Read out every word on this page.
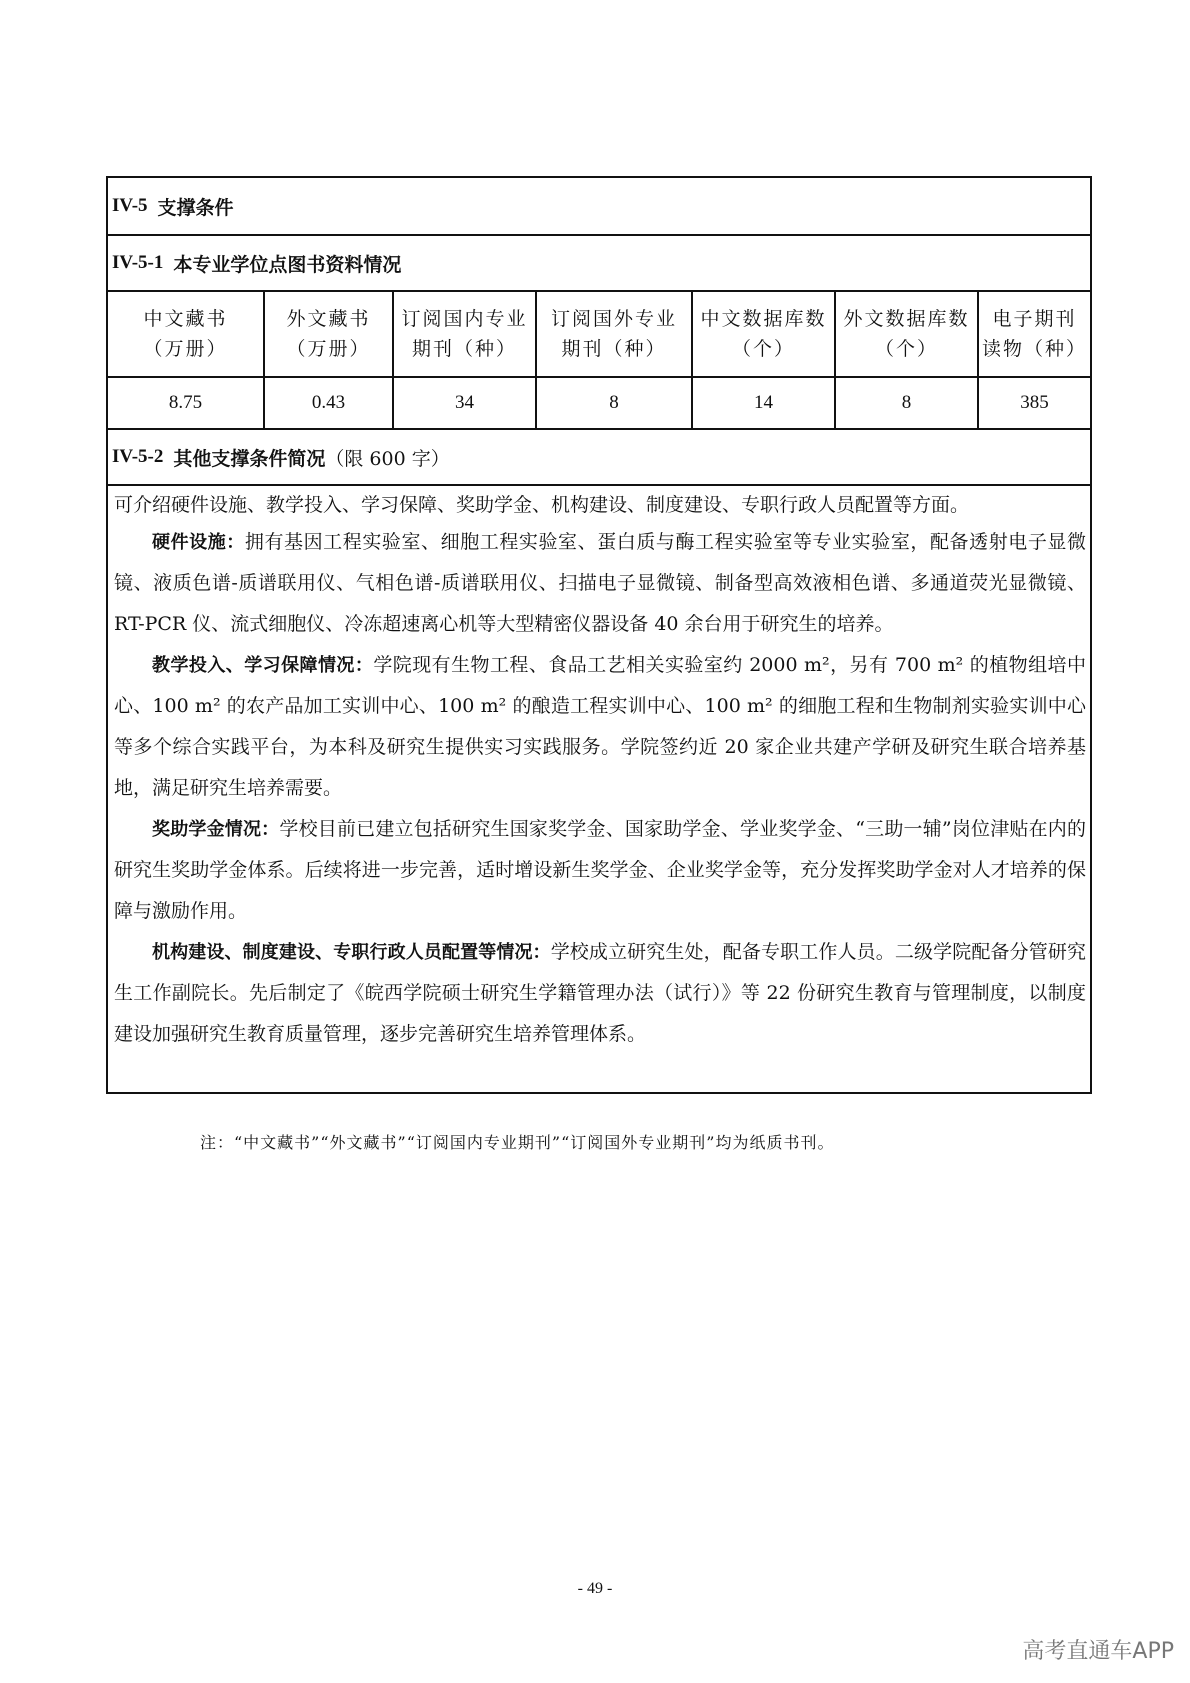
IV-5 支撑条件
IV-5-1 本专业学位点图书资料情况
中文藏书
（万册）
8.75
外文藏书
（万册）
0.43
订阅国内专业
期刊（种）
34
订阅国外专业
期刊（种）
8
中文数据库数
（个）
14
外文数据库数
（个）
8
电子期刊
读物（种）
385
IV-5-2 其他支撑条件简况 （限 600 字）

可介绍硬件设施、教学投入、学习保障、奖助学金、机构建设、制度建设、专职行政人员配置等方面。

硬件设施：拥有基因工程实验室、细胞工程实验室、蛋白质与酶工程实验室等专业实验室，配备透射电子显微镜、液质色谱-质谱联用仪、气相色谱-质谱联用仪、扫描电子显微镜、制备型高效液相色谱、多通道荧光显微镜、RT-PCR 仪、流式细胞仪、冷冻超速离心机等大型精密仪器设备 40 余台用于研究生的培养。

教学投入、学习保障情况：学院现有生物工程、食品工艺相关实验室约 2000 m²，另有 700 m² 的植物组培中心、100 m² 的农产品加工实训中心、100 m² 的酿造工程实训中心、100 m² 的细胞工程和生物制剂实验实训中心等多个综合实践平台，为本科及研究生提供实习实践服务。学院签约近 20 家企业共建产学研及研究生联合培养基地，满足研究生培养需要。

奖助学金情况：学校目前已建立包括研究生国家奖学金、国家助学金、学业奖学金、“三助一辅”岗位津贴在内的研究生奖助学金体系。后续将进一步完善，适时增设新生奖学金、企业奖学金等，充分发挥奖助学金对人才培养的保障与激励作用。

机构建设、制度建设、专职行政人员配置等情况：学校成立研究生处，配备专职工作人员。二级学院配备分管研究生工作副院长。先后制定了《皖西学院硕士研究生学籍管理办法（试行）》等 22 份研究生教育与管理制度，以制度建设加强研究生教育质量管理，逐步完善研究生培养管理体系。

注：“中文藏书”“外文藏书”“订阅国内专业期刊”“订阅国外专业期刊”均为纸质书刊。
- 49 -
高考直通车APP
